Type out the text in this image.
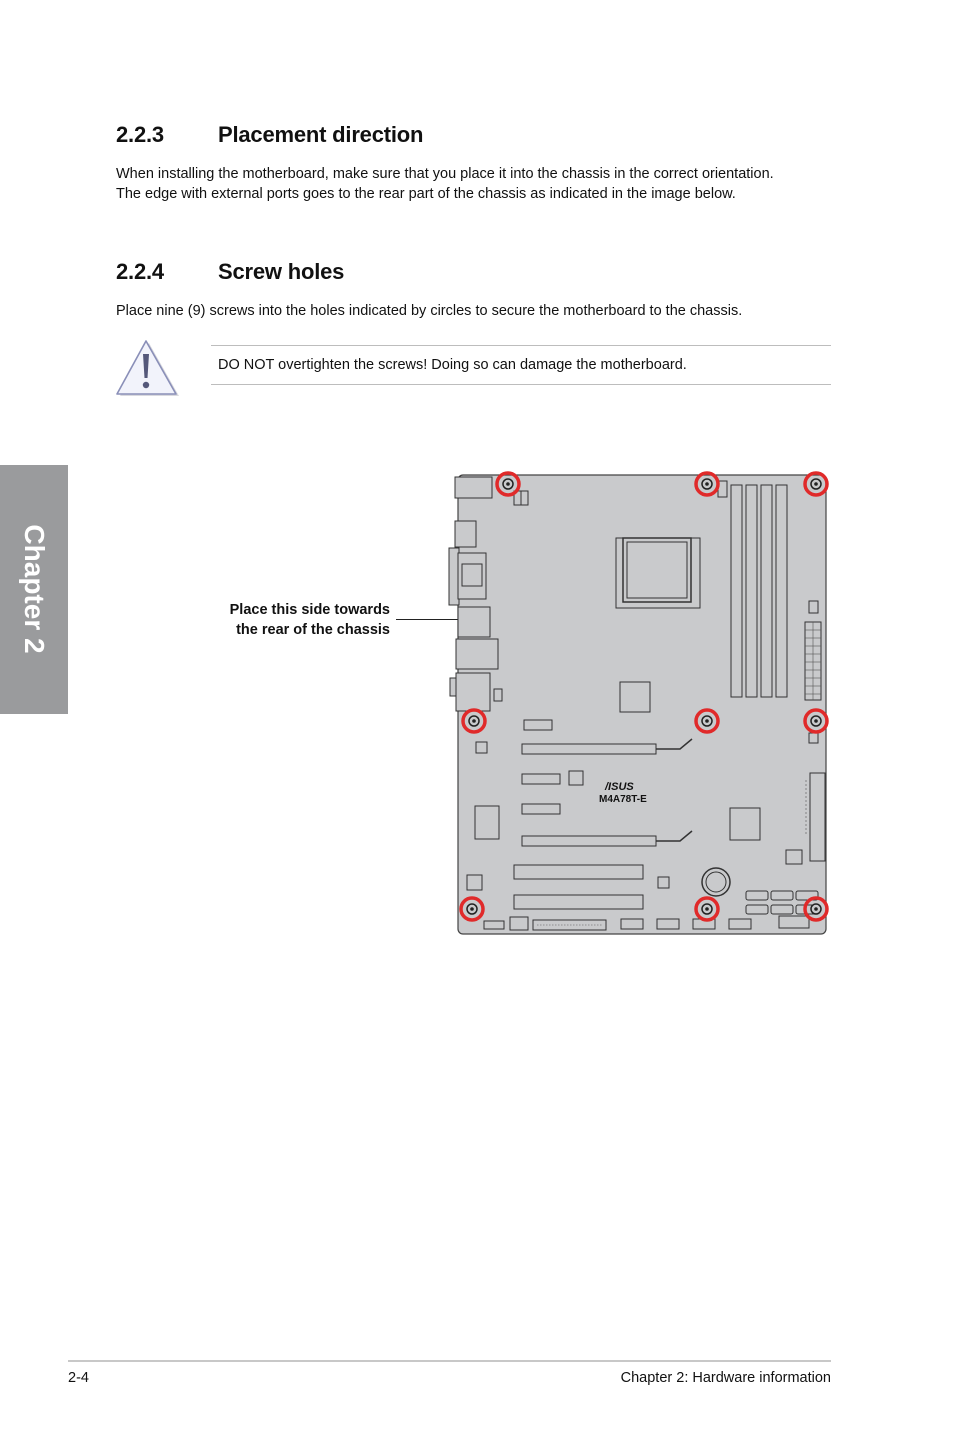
Chapter 2
2.2.3 Placement direction
When installing the motherboard, make sure that you place it into the chassis in the correct orientation.
The edge with external ports goes to the rear part of the chassis as indicated in the image below.
2.2.4 Screw holes
Place nine (9) screws into the holes indicated by circles to secure the motherboard to the chassis.
DO NOT overtighten the screws! Doing so can damage the motherboard.
Place this side towards
the rear of the chassis
/ISUS
M4A78T-E
2-4	Chapter 2: Hardware information
